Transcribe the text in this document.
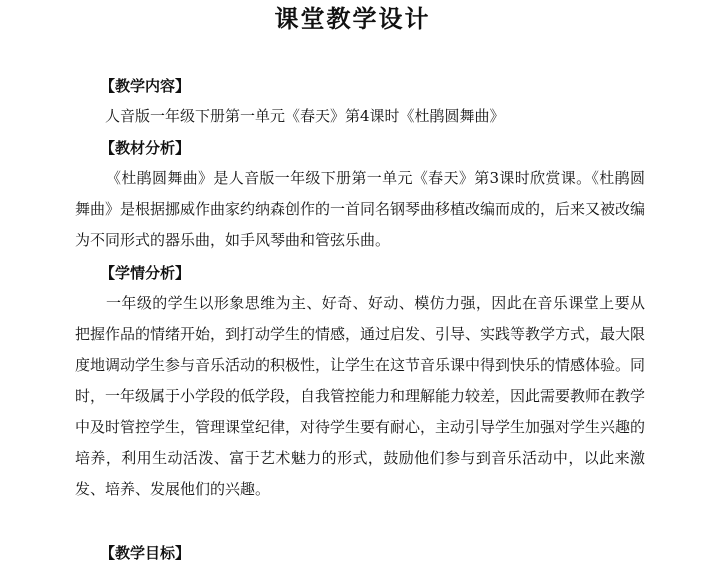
课堂教学设计
【教学内容】

人音版一年级下册第一单元《春天》第4课时《杜鹃圆舞曲》

【教材分析】

《杜鹃圆舞曲》是人音版一年级下册第一单元《春天》第3课时欣赏课。《杜鹃圆舞曲》是根据挪威作曲家约纳森创作的一首同名钢琴曲移植改编而成的，后来又被改编为不同形式的器乐曲，如手风琴曲和管弦乐曲。

【学情分析】

一年级的学生以形象思维为主、好奇、好动、模仿力强，因此在音乐课堂上要从把握作品的情绪开始，到打动学生的情感，通过启发、引导、实践等教学方式，最大限度地调动学生参与音乐活动的积极性，让学生在这节音乐课中得到快乐的情感体验。同时，一年级属于小学段的低学段，自我管控能力和理解能力较差，因此需要教师在教学中及时管控学生，管理课堂纪律，对待学生要有耐心，主动引导学生加强对学生兴趣的培养，利用生动活泼、富于艺术魅力的形式，鼓励他们参与到音乐活动中，以此来激发、培养、发展他们的兴趣。

【教学目标】
